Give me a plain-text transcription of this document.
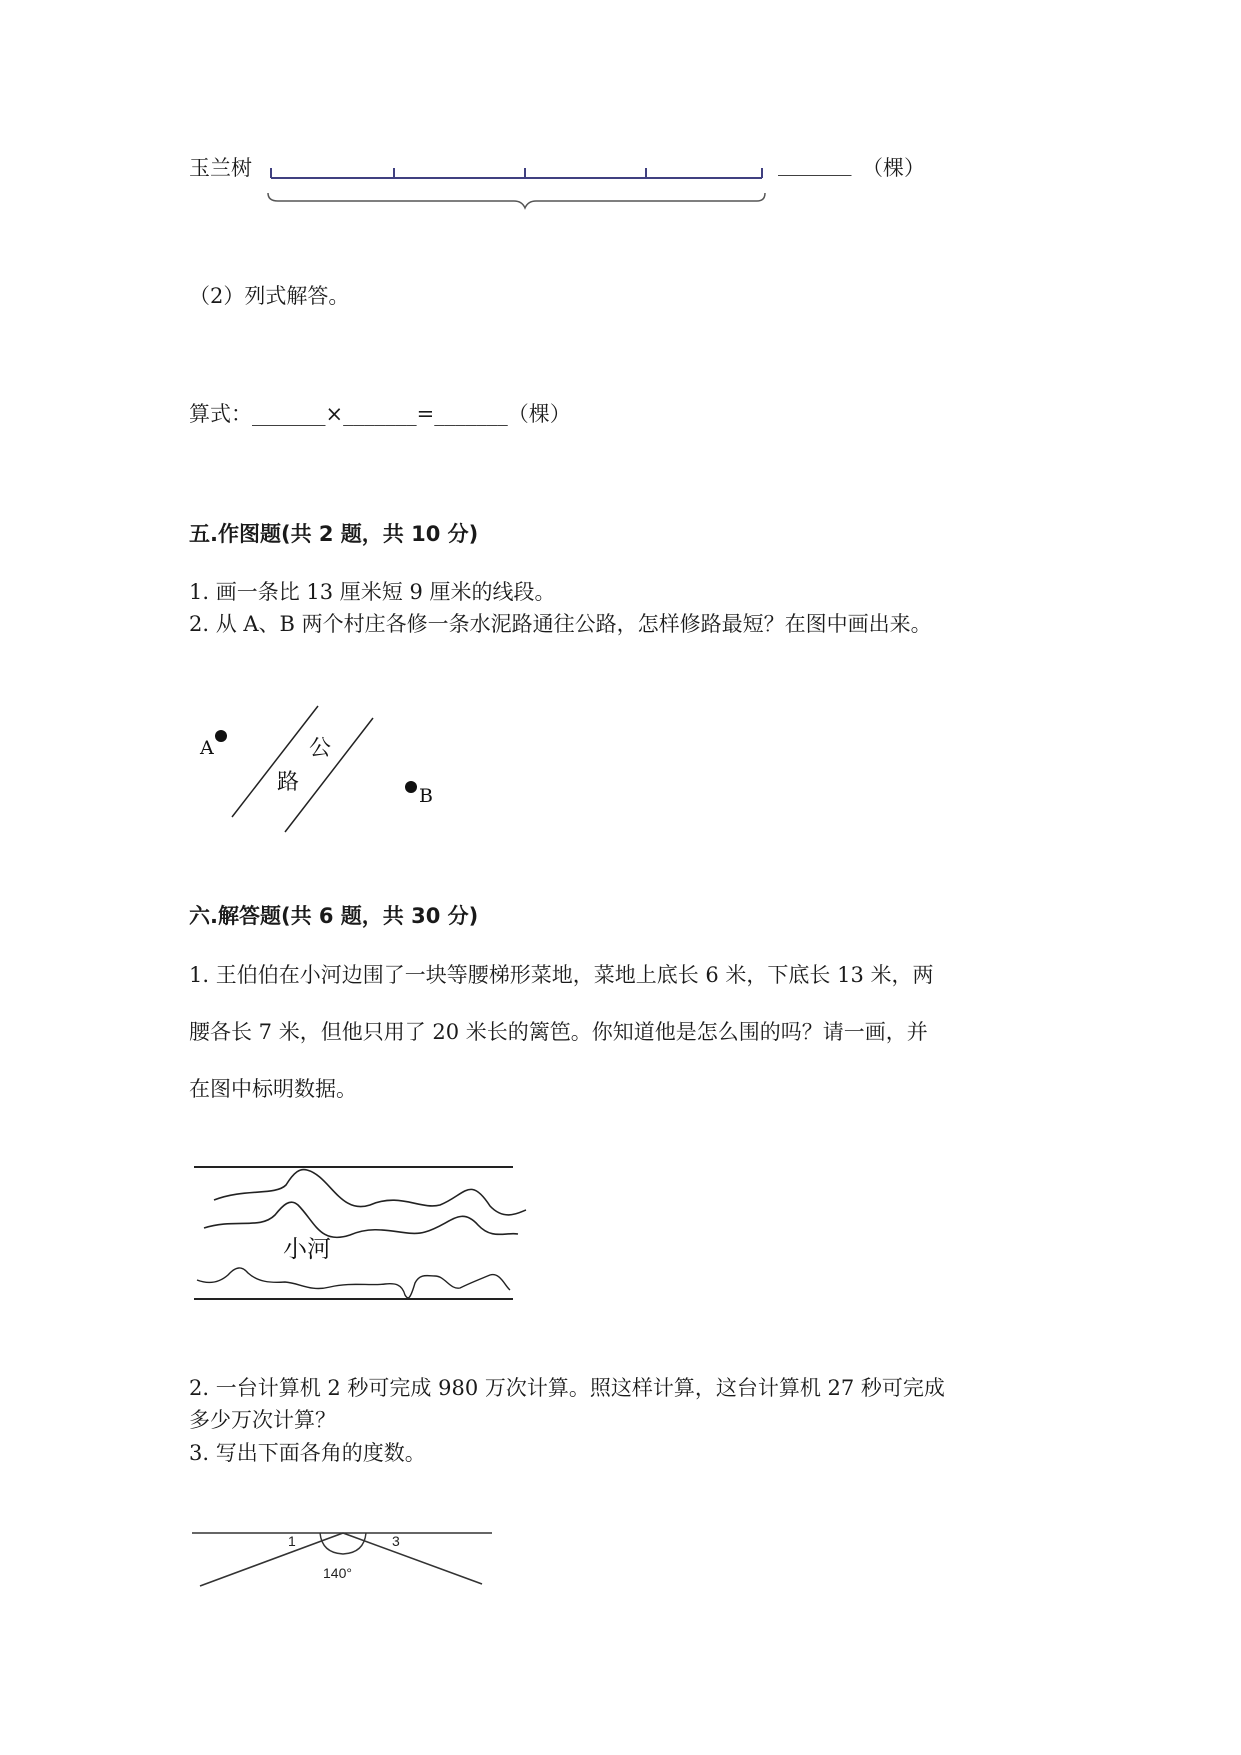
玉兰树	_______ （棵）
（2）列式解答。
算式：_______×_______=_______（棵）
五.作图题(共 2 题，共 10 分)
1. 画一条比 13 厘米短 9 厘米的线段。
2. 从 A、B 两个村庄各修一条水泥路通往公路，怎样修路最短？在图中画出来。
A
B
公
路
六.解答题(共 6 题，共 30 分)
1. 王伯伯在小河边围了一块等腰梯形菜地，菜地上底长 6 米，下底长 13 米，两
腰各长 7 米，但他只用了 20 米长的篱笆。你知道他是怎么围的吗？请一画，并
在图中标明数据。
小河
2. 一台计算机 2 秒可完成 980 万次计算。照这样计算，这台计算机 27 秒可完成
多少万次计算？
3. 写出下面各角的度数。
1	3
140°
